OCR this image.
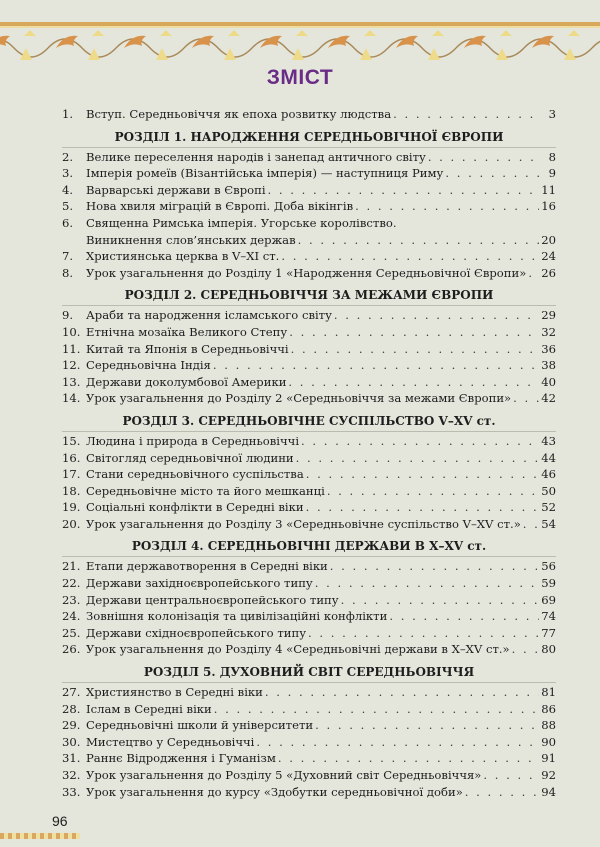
ЗМІСТ
1.	Вступ. Середньовіччя як епоха розвитку людства . . .	3
РОЗДІЛ 1. НАРОДЖЕННЯ СЕРЕДНЬОВІЧНОЇ ЄВРОПИ
2.	Велике переселення народів і занепад античного світу . . .	8
3.	Імперія ромеїв (Візантійська імперія) — наступниця Риму . . .	9
4.	Варварські держави в Європі . . .	11
5.	Нова хвиля міграцій в Європі. Доба вікінгів . . .	16
6.	Священна Римська імперія. Угорське королівство.
Виникнення слов’янських держав . . .	20
7.	Християнська церква в V–XI ст. . . .	24
8.	Урок узагальнення до Розділу 1 «Народження Середньовічної Європи» . . . 26
РОЗДІЛ 2. СЕРЕДНЬОВІЧЧЯ ЗА МЕЖАМИ ЄВРОПИ
9.	Араби та народження ісламського світу . . .	29
10. Етнічна мозаїка Великого Степу . . .	32
11. Китай та Японія в Середньовіччі . . .	36
12. Середньовічна Індія . . .	38
13. Держави доколумбової Америки . . .	40
14. Урок узагальнення до Розділу 2 «Середньовіччя за межами Європи» . . .	42
РОЗДІЛ 3. СЕРЕДНЬОВІЧНЕ СУСПІЛЬСТВО V–XV ст.
15. Людина і природа в Середньовіччі . . .	43
16. Світогляд середньовічної людини . . .	44
17. Стани середньовічного суспільства . . .	46
18. Середньовічне місто та його мешканці . . .	50
19. Соціальні конфлікти в Середні віки . . .	52
20. Урок узагальнення до Розділу 3 «Середньовічне суспільство V–XV ст.» . . . 54
РОЗДІЛ 4. СЕРЕДНЬОВІЧНІ ДЕРЖАВИ В X–XV ст.
21. Етапи державотворення в Середні віки . . .	56
22. Держави західноєвропейського типу . . .	59
23. Держави центральноєвропейського типу . . .	69
24. Зовнішня колонізація та цивілізаційні конфлікти . . .	74
25. Держави східноєвропейського типу . . .	77
26. Урок узагальнення до Розділу 4 «Середньовічні держави в X–XV ст.» . . .	80
РОЗДІЛ 5. ДУХОВНИЙ СВІТ СЕРЕДНЬОВІЧЧЯ
27. Християнство в Середні віки . . .	81
28. Іслам в Середні віки . . .	86
29. Середньовічні школи й університети . . .	88
30. Мистецтво у Середньовіччі . . .	90
31. Раннє Відродження і Гуманізм . . .	91
32. Урок узагальнення до Розділу 5 «Духовний світ Середньовіччя» . . .	92
33. Урок узагальнення до курсу «Здобутки середньовічної доби» . . .	94
96
